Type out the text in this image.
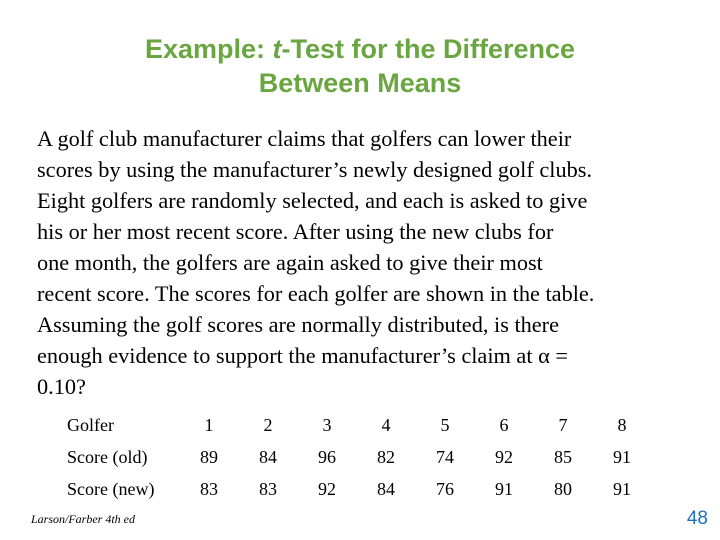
Example: t-Test for the Difference
Between Means
A golf club manufacturer claims that golfers can lower their
scores by using the manufacturer’s newly designed golf clubs.
Eight golfers are randomly selected, and each is asked to give
his or her most recent score. After using the new clubs for
one month, the golfers are again asked to give their most
recent score. The scores for each golfer are shown in the table.
Assuming the golf scores are normally distributed, is there
enough evidence to support the manufacturer’s claim at α =
0.10?
Golfer	1	2	3	4	5	6	7	8
Score (old)	89	84	96	82	74	92	85	91
Score (new)	83	83	92	84	76	91	80	91
Larson/Farber 4th ed	48
